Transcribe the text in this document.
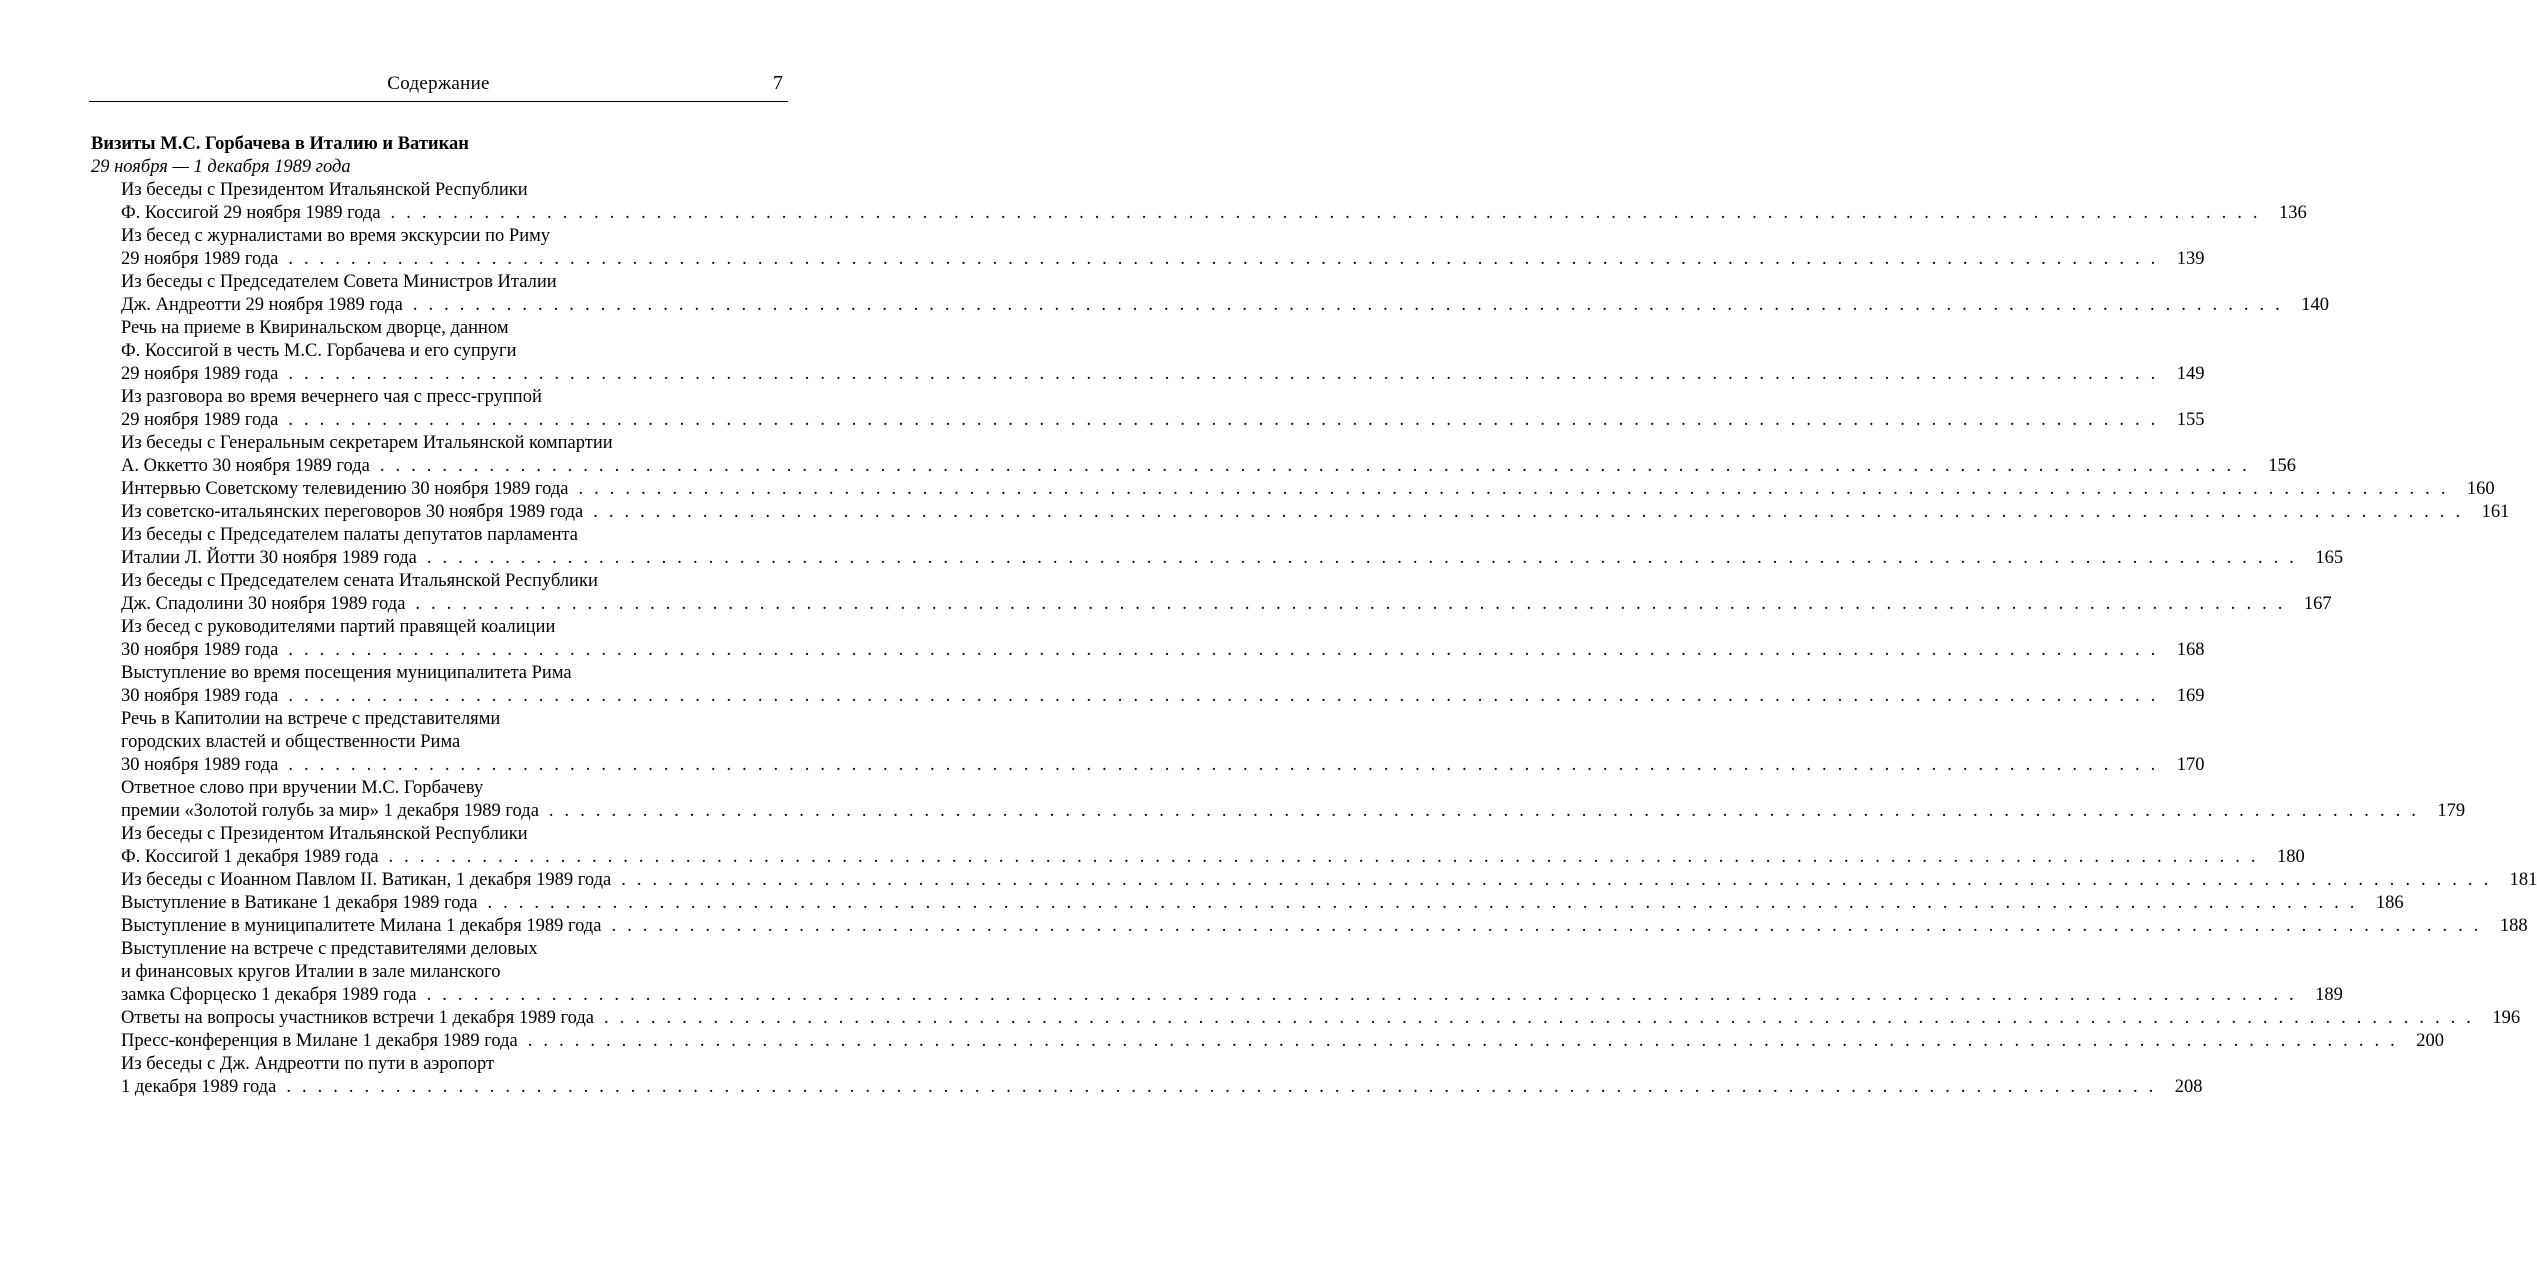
Содержание	7
Визиты М.С. Горбачева в Италию и Ватикан
29 ноября — 1 декабря 1989 года
Из беседы с Президентом Итальянской Республики
Ф. Коссигой 29 ноября 1989 года . . . . . . . . . . . . . . . . . . . . . . . . . . . . . . . . . . . . . . . . . . . . . . . . . . . . . . . . . . . . . . . . . . . . . . . . . . . . . . . . . . . . . . . . . . . . . . . . . . . . . . . . . . . . . . . . . . . . . . . . 136
Из бесед с журналистами во время экскурсии по Риму
29 ноября 1989 года . . . . . . . . . . . . . . . . . . . . . . . . . . . . . . . . . . . . . . . . . . . . . . . . . . . . . . . . . . . . . . . . . . . . . . . . . . . . . . . . . . . . . . . . . . . . . . . . . . . . . . . . . . . . . . . . . . . . . . . . 139
Из беседы с Председателем Совета Министров Италии
Дж. Андреотти 29 ноября 1989 года . . . . . . . . . . . . . . . . . . . . . . . . . . . . . . . . . . . . . . . . . . . . . . . . . . . . . . . . . . . . . . . . . . . . . . . . . . . . . . . . . . . . . . . . . . . . . . . . . . . . . . . . . . . . . . . . . . . . . . . . 140
Речь на приеме в Квиринальском дворце, данном
Ф. Коссигой в честь М.С. Горбачева и его супруги
29 ноября 1989 года . . . . . . . . . . . . . . . . . . . . . . . . . . . . . . . . . . . . . . . . . . . . . . . . . . . . . . . . . . . . . . . . . . . . . . . . . . . . . . . . . . . . . . . . . . . . . . . . . . . . . . . . . . . . . . . . . . . . . . . . 149
Из разговора во время вечернего чая с пресс-группой
29 ноября 1989 года . . . . . . . . . . . . . . . . . . . . . . . . . . . . . . . . . . . . . . . . . . . . . . . . . . . . . . . . . . . . . . . . . . . . . . . . . . . . . . . . . . . . . . . . . . . . . . . . . . . . . . . . . . . . . . . . . . . . . . . . 155
Из беседы с Генеральным секретарем Итальянской компартии
А. Оккетто 30 ноября 1989 года . . . . . . . . . . . . . . . . . . . . . . . . . . . . . . . . . . . . . . . . . . . . . . . . . . . . . . . . . . . . . . . . . . . . . . . . . . . . . . . . . . . . . . . . . . . . . . . . . . . . . . . . . . . . . . . . . . . . . . . . 156
Интервью Советскому телевидению 30 ноября 1989 года . . . . . . . . . . . . . . . . . . . . . . . . . . . . . . . . . . . . . . . . . . . . . . . . . . . . . . . . . . . . . . . . . . . . . . . . . . . . . . . . . . . . . . . . . . . . . . . . . . . . . . . . . . . . . . . . . . . . . . . . 160
Из советско-итальянских переговоров 30 ноября 1989 года . . . . . . . . . . . . . . . . . . . . . . . . . . . . . . . . . . . . . . . . . . . . . . . . . . . . . . . . . . . . . . . . . . . . . . . . . . . . . . . . . . . . . . . . . . . . . . . . . . . . . . . . . . . . . . . . . . . . . . . . 161
Из беседы с Председателем палаты депутатов парламента
Италии Л. Йотти 30 ноября 1989 года . . . . . . . . . . . . . . . . . . . . . . . . . . . . . . . . . . . . . . . . . . . . . . . . . . . . . . . . . . . . . . . . . . . . . . . . . . . . . . . . . . . . . . . . . . . . . . . . . . . . . . . . . . . . . . . . . . . . . . . . 165
Из беседы с Председателем сената Итальянской Республики
Дж. Спадолини 30 ноября 1989 года . . . . . . . . . . . . . . . . . . . . . . . . . . . . . . . . . . . . . . . . . . . . . . . . . . . . . . . . . . . . . . . . . . . . . . . . . . . . . . . . . . . . . . . . . . . . . . . . . . . . . . . . . . . . . . . . . . . . . . . . 167
Из бесед с руководителями партий правящей коалиции
30 ноября 1989 года . . . . . . . . . . . . . . . . . . . . . . . . . . . . . . . . . . . . . . . . . . . . . . . . . . . . . . . . . . . . . . . . . . . . . . . . . . . . . . . . . . . . . . . . . . . . . . . . . . . . . . . . . . . . . . . . . . . . . . . . 168
Выступление во время посещения муниципалитета Рима
30 ноября 1989 года . . . . . . . . . . . . . . . . . . . . . . . . . . . . . . . . . . . . . . . . . . . . . . . . . . . . . . . . . . . . . . . . . . . . . . . . . . . . . . . . . . . . . . . . . . . . . . . . . . . . . . . . . . . . . . . . . . . . . . . . 169
Речь в Капитолии на встрече с представителями
городских властей и общественности Рима
30 ноября 1989 года . . . . . . . . . . . . . . . . . . . . . . . . . . . . . . . . . . . . . . . . . . . . . . . . . . . . . . . . . . . . . . . . . . . . . . . . . . . . . . . . . . . . . . . . . . . . . . . . . . . . . . . . . . . . . . . . . . . . . . . . 170
Ответное слово при вручении М.С. Горбачеву
премии «Золотой голубь за мир» 1 декабря 1989 года . . . . . . . . . . . . . . . . . . . . . . . . . . . . . . . . . . . . . . . . . . . . . . . . . . . . . . . . . . . . . . . . . . . . . . . . . . . . . . . . . . . . . . . . . . . . . . . . . . . . . . . . . . . . . . . . . . . . . . . . 179
Из беседы с Президентом Итальянской Республики
Ф. Коссигой 1 декабря 1989 года . . . . . . . . . . . . . . . . . . . . . . . . . . . . . . . . . . . . . . . . . . . . . . . . . . . . . . . . . . . . . . . . . . . . . . . . . . . . . . . . . . . . . . . . . . . . . . . . . . . . . . . . . . . . . . . . . . . . . . . . 180
Из беседы с Иоанном Павлом II. Ватикан, 1 декабря 1989 года . . . . . . . . . . . . . . . . . . . . . . . . . . . . . . . . . . . . . . . . . . . . . . . . . . . . . . . . . . . . . . . . . . . . . . . . . . . . . . . . . . . . . . . . . . . . . . . . . . . . . . . . . . . . . . . . . . . . . . . . 181
Выступление в Ватикане 1 декабря 1989 года . . . . . . . . . . . . . . . . . . . . . . . . . . . . . . . . . . . . . . . . . . . . . . . . . . . . . . . . . . . . . . . . . . . . . . . . . . . . . . . . . . . . . . . . . . . . . . . . . . . . . . . . . . . . . . . . . . . . . . . . 186
Выступление в муниципалитете Милана 1 декабря 1989 года . . . . . . . . . . . . . . . . . . . . . . . . . . . . . . . . . . . . . . . . . . . . . . . . . . . . . . . . . . . . . . . . . . . . . . . . . . . . . . . . . . . . . . . . . . . . . . . . . . . . . . . . . . . . . . . . . . . . . . . . 188
Выступление на встрече с представителями деловых
и финансовых кругов Италии в зале миланского
замка Сфорцеско 1 декабря 1989 года . . . . . . . . . . . . . . . . . . . . . . . . . . . . . . . . . . . . . . . . . . . . . . . . . . . . . . . . . . . . . . . . . . . . . . . . . . . . . . . . . . . . . . . . . . . . . . . . . . . . . . . . . . . . . . . . . . . . . . . . 189
Ответы на вопросы участников встречи 1 декабря 1989 года . . . . . . . . . . . . . . . . . . . . . . . . . . . . . . . . . . . . . . . . . . . . . . . . . . . . . . . . . . . . . . . . . . . . . . . . . . . . . . . . . . . . . . . . . . . . . . . . . . . . . . . . . . . . . . . . . . . . . . . . 196
Пресс-конференция в Милане 1 декабря 1989 года . . . . . . . . . . . . . . . . . . . . . . . . . . . . . . . . . . . . . . . . . . . . . . . . . . . . . . . . . . . . . . . . . . . . . . . . . . . . . . . . . . . . . . . . . . . . . . . . . . . . . . . . . . . . . . . . . . . . . . . . 200
Из беседы с Дж. Андреотти по пути в аэропорт
1 декабря 1989 года . . . . . . . . . . . . . . . . . . . . . . . . . . . . . . . . . . . . . . . . . . . . . . . . . . . . . . . . . . . . . . . . . . . . . . . . . . . . . . . . . . . . . . . . . . . . . . . . . . . . . . . . . . . . . . . . . . . . . . . . 208
